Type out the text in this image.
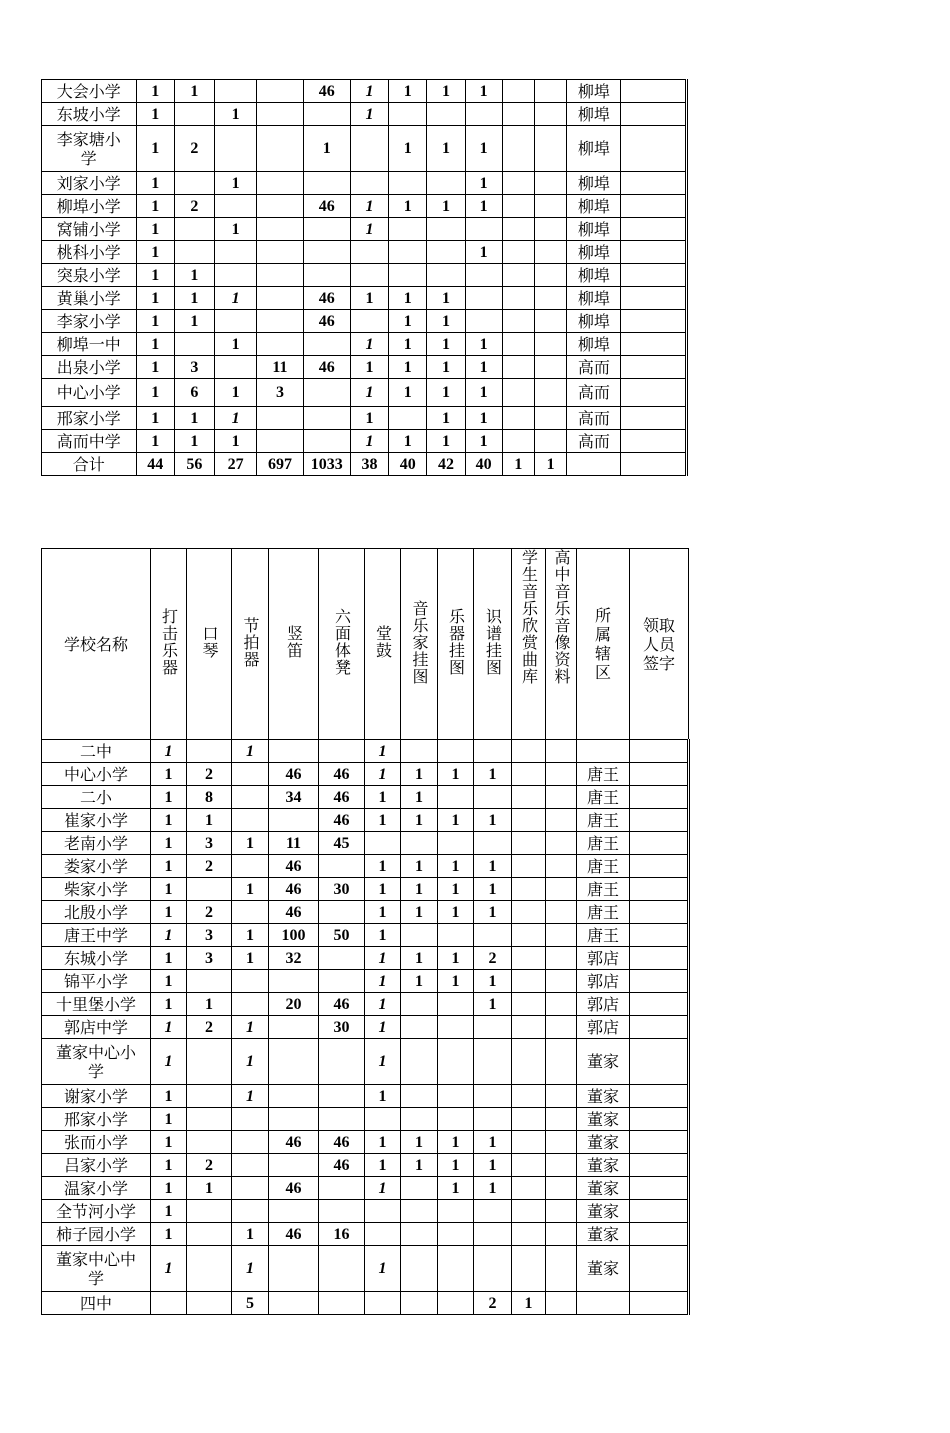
大会小学	1	1			46	1	1	1	1			柳埠	
东坡小学	1		1			1						柳埠	
李家塘小学	1	2			1		1	1	1			柳埠	
刘家小学	1		1						1			柳埠	
柳埠小学	1	2			46	1	1	1	1			柳埠	
窝铺小学	1		1			1						柳埠	
桃科小学	1								1			柳埠	
突泉小学	1	1										柳埠	
黄巢小学	1	1	1		46	1	1	1				柳埠	
李家小学	1	1			46		1	1				柳埠	
柳埠一中	1		1			1	1	1	1			柳埠	
出泉小学	1	3		11	46	1	1	1	1			高而	
中心小学	1	6	1	3		1	1	1	1			高而	
邢家小学	1	1	1			1		1	1			高而	
高而中学	1	1	1			1	1	1	1			高而	
合计	44	56	27	697	1033	38	40	42	40	1	1		
学校名称	打击乐器	口琴	节拍器	竖笛	六面体凳	堂鼓	音乐家挂图	乐器挂图	识谱挂图	学生音乐欣赏曲库	高中音乐音像资料	所属辖区	领取人员签字
二中	1		1			1							
中心小学	1	2		46	46	1	1	1	1			唐王	
二小	1	8		34	46	1	1					唐王	
崔家小学	1	1			46	1	1	1	1			唐王	
老南小学	1	3	1	11	45							唐王	
娄家小学	1	2		46		1	1	1	1			唐王	
柴家小学	1		1	46	30	1	1	1	1			唐王	
北殷小学	1	2		46		1	1	1	1			唐王	
唐王中学	1	3	1	100	50	1						唐王	
东城小学	1	3	1	32		1	1	1	2			郭店	
锦平小学	1					1	1	1	1			郭店	
十里堡小学	1	1		20	46	1			1			郭店	
郭店中学	1	2	1		30	1						郭店	
董家中心小学	1		1			1						董家	
谢家小学	1		1			1						董家	
邢家小学	1											董家	
张而小学	1			46	46	1	1	1	1			董家	
吕家小学	1	2			46	1	1	1	1			董家	
温家小学	1	1		46		1		1	1			董家	
全节河小学	1											董家	
柿子园小学	1		1	46	16							董家	
董家中心中学	1		1			1						董家	
四中			5						2	1			
